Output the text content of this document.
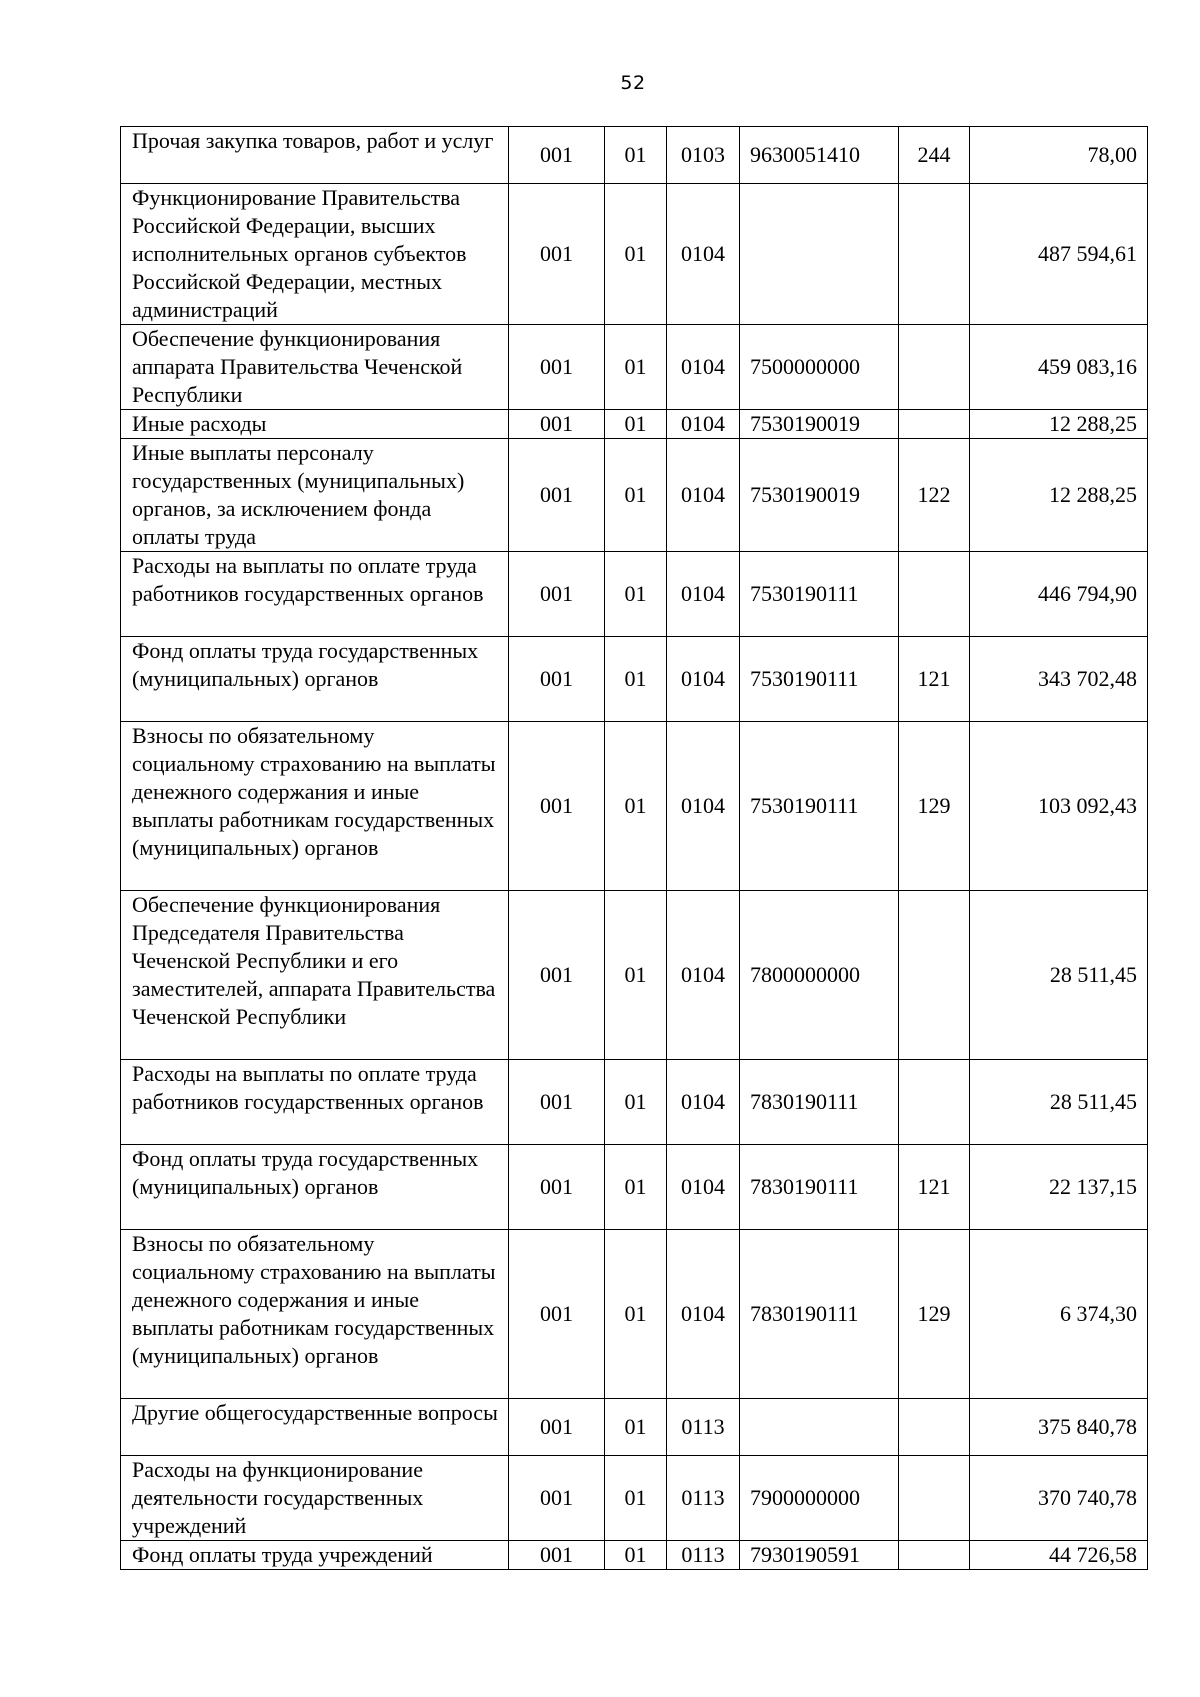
52
Прочая закупка товаров, работ и услуг	001	01	0103	9630051410	244	78,00
Функционирование Правительства Российской Федерации, высших исполнительных органов субъектов Российской Федерации, местных администраций	001	01	0104			487 594,61
Обеспечение функционирования аппарата Правительства Чеченской Республики	001	01	0104	7500000000		459 083,16
Иные расходы	001	01	0104	7530190019		12 288,25
Иные выплаты персоналу государственных (муниципальных) органов, за исключением фонда оплаты труда	001	01	0104	7530190019	122	12 288,25
Расходы на выплаты по оплате труда работников государственных органов	001	01	0104	7530190111		446 794,90
Фонд оплаты труда государственных (муниципальных) органов	001	01	0104	7530190111	121	343 702,48
Взносы по обязательному социальному страхованию на выплаты денежного содержания и иные выплаты работникам государственных (муниципальных) органов	001	01	0104	7530190111	129	103 092,43
Обеспечение функционирования Председателя Правительства Чеченской Республики и его заместителей, аппарата Правительства Чеченской Республики	001	01	0104	7800000000		28 511,45
Расходы на выплаты по оплате труда работников государственных органов	001	01	0104	7830190111		28 511,45
Фонд оплаты труда государственных (муниципальных) органов	001	01	0104	7830190111	121	22 137,15
Взносы по обязательному социальному страхованию на выплаты денежного содержания и иные выплаты работникам государственных (муниципальных) органов	001	01	0104	7830190111	129	6 374,30
Другие общегосударственные вопросы	001	01	0113			375 840,78
Расходы на функционирование деятельности государственных учреждений	001	01	0113	7900000000		370 740,78
Фонд оплаты труда учреждений	001	01	0113	7930190591		44 726,58
